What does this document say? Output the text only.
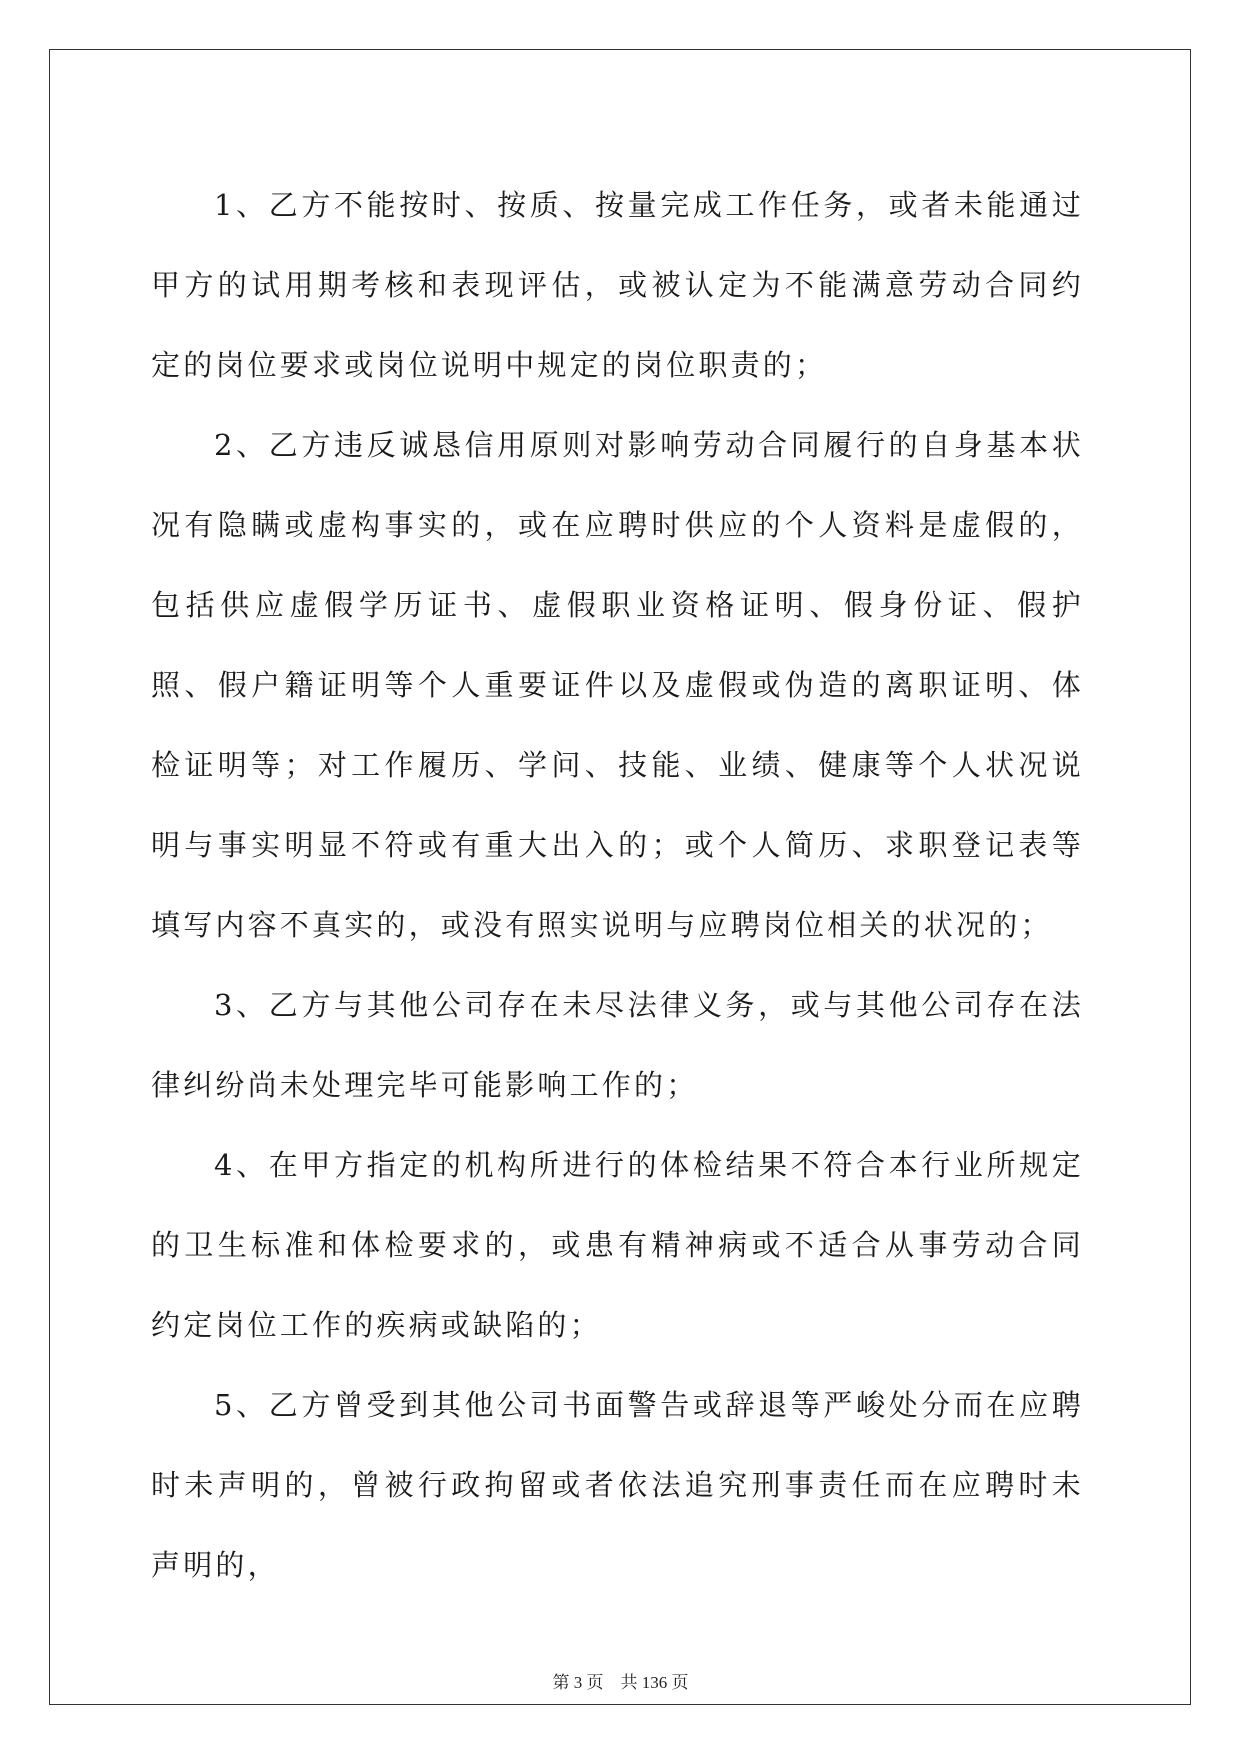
1、乙方不能按时、按质、按量完成工作任务，或者未能通过甲方的试用期考核和表现评估，或被认定为不能满意劳动合同约定的岗位要求或岗位说明中规定的岗位职责的；

2、乙方违反诚恳信用原则对影响劳动合同履行的自身基本状况有隐瞒或虚构事实的，或在应聘时供应的个人资料是虚假的，包括供应虚假学历证书、虚假职业资格证明、假身份证、假护照、假户籍证明等个人重要证件以及虚假或伪造的离职证明、体检证明等；对工作履历、学问、技能、业绩、健康等个人状况说明与事实明显不符或有重大出入的；或个人简历、求职登记表等填写内容不真实的，或没有照实说明与应聘岗位相关的状况的；

3、乙方与其他公司存在未尽法律义务，或与其他公司存在法律纠纷尚未处理完毕可能影响工作的；

4、在甲方指定的机构所进行的体检结果不符合本行业所规定的卫生标准和体检要求的，或患有精神病或不适合从事劳动合同约定岗位工作的疾病或缺陷的；

5、乙方曾受到其他公司书面警告或辞退等严峻处分而在应聘时未声明的，曾被行政拘留或者依法追究刑事责任而在应聘时未声明的，

第 3 页 共 136 页
